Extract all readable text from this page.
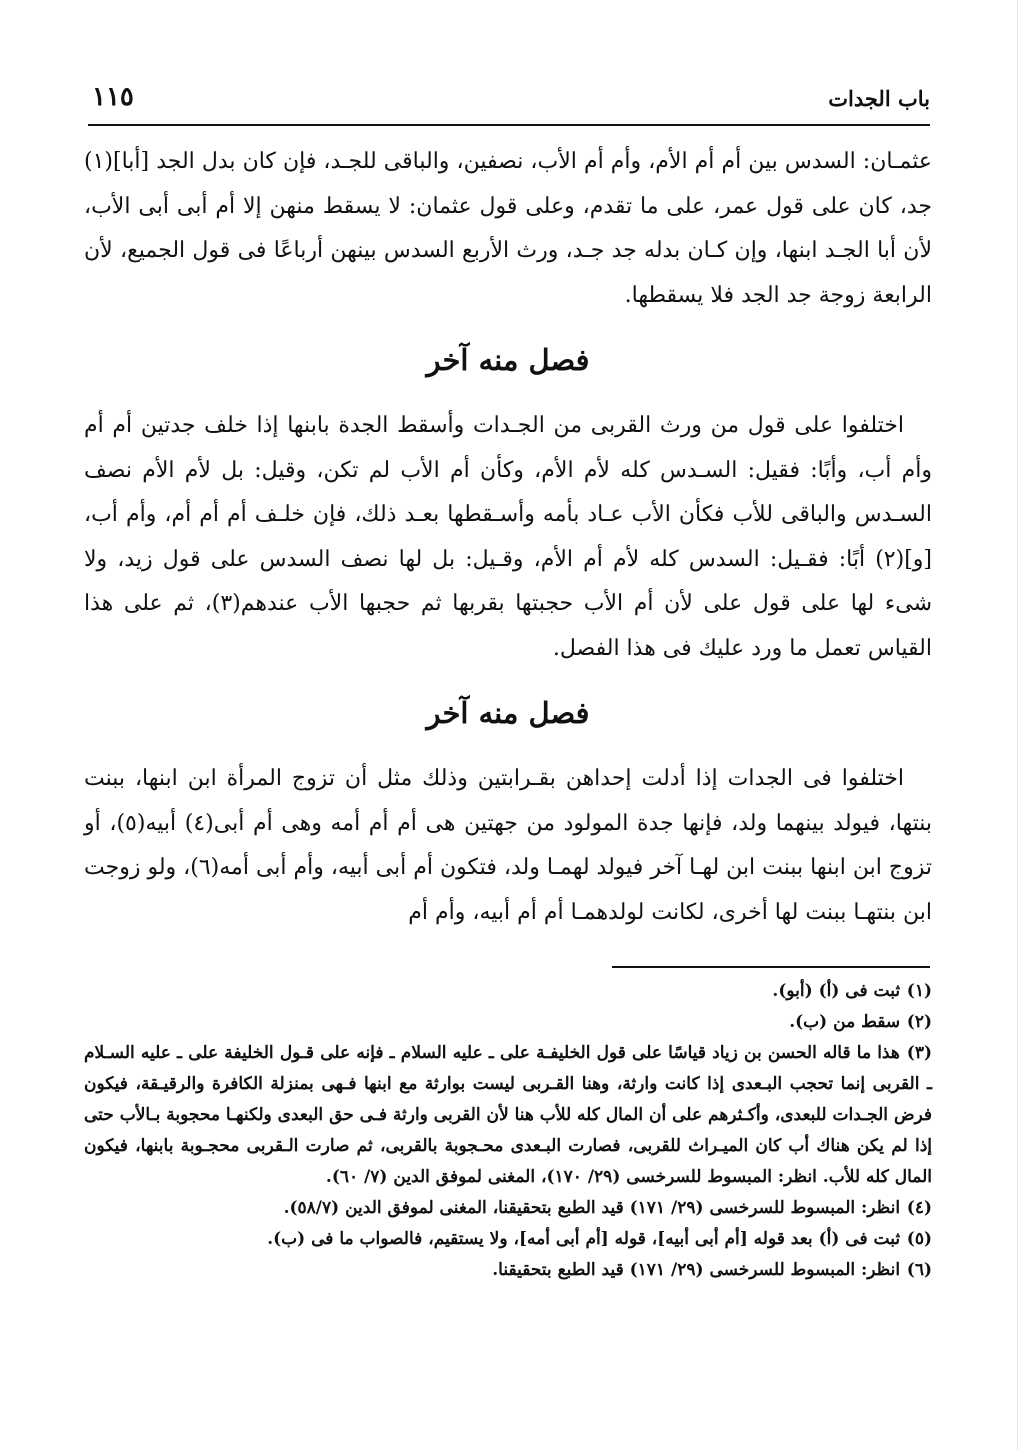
باب الجدات
١١٥

عثمـان: السدس بين أم أم الأم، وأم أم الأب، نصفين، والباقى للجـد، فإن كان بدل الجد [أبا](١) جد، كان على قول عمر، على ما تقدم، وعلى قول عثمان: لا يسقط منهن إلا أم أبى أبى الأب، لأن أبا الجـد ابنها، وإن كـان بدله جد جـد، ورث الأربع السدس بينهن أرباعًا فى قول الجميع، لأن الرابعة زوجة جد الجد فلا يسقطها.

فصل منه آخر

اختلفوا على قول من ورث القربى من الجـدات وأسقط الجدة بابنها إذا خلف جدتين أم أم وأم أب، وأبًا: فقيل: السـدس كله لأم الأم، وكأن أم الأب لم تكن، وقيل: بل لأم الأم نصف السـدس والباقى للأب فكأن الأب عـاد بأمه وأسـقطها بعـد ذلك، فإن خلـف أم أم أم، وأم أب، [و](٢) أبًا: فقـيل: السدس كله لأم أم الأم، وقـيل: بل لها نصف السدس على قول زيد، ولا شىء لها على قول على لأن أم الأب حجبتها بقربها ثم حجبها الأب عندهم(٣)، ثم على هذا القياس تعمل ما ورد عليك فى هذا الفصل.

فصل منه آخر

اختلفوا فى الجدات إذا أدلت إحداهن بقـرابتين وذلك مثل أن تزوج المرأة ابن ابنها، ببنت بنتها، فيولد بينهما ولد، فإنها جدة المولود من جهتين هى أم أم أمه وهى أم أبى(٤) أبيه(٥)، أو تزوج ابن ابنها ببنت ابن لهـا آخر فيولد لهمـا ولد، فتكون أم أبى أبيه، وأم أبى أمه(٦)، ولو زوجت ابن بنتهـا ببنت لها أخرى، لكانت لولدهمـا أم أم أبيه، وأم أم

(١) ثبت فى (أ) (أبو).

(٢) سقط من (ب).

(٣) هذا ما قاله الحسن بن زياد قياسًا على قول الخليفـة على ـ عليه السلام ـ فإنه على قـول الخليفة على ـ عليه السـلام ـ القربى إنما تحجب البـعدى إذا كانت وارثة، وهنا القـربى ليست بوارثة مع ابنها فـهى بمنزلة الكافرة والرقيـقة، فيكون فرض الجـدات للبعدى، وأكـثرهم على أن المال كله للأب هنا لأن القربى وارثة فـى حق البعدى ولكنهـا محجوبة بـالأب حتى إذا لم يكن هناك أب كان الميـراث للقربى، فصارت البـعدى محـجوبة بالقربى، ثم صارت الـقربى محجـوبة بابنها، فيكون المال كله للأب. انظر: المبسوط للسرخسى (٢٩/ ١٧٠)، المغنى لموفق الدين (٧/ ٦٠).

(٤) انظر: المبسوط للسرخسى (٢٩/ ١٧١) قيد الطبع بتحقيقنا، المغنى لموفق الدين (٥٨/٧).

(٥) ثبت فى (أ) بعد قوله [أم أبى أبيه]، قوله [أم أبى أمه]، ولا يستقيم، فالصواب ما فى (ب).

(٦) انظر: المبسوط للسرخسى (٢٩/ ١٧١) قيد الطبع بتحقيقنا.
